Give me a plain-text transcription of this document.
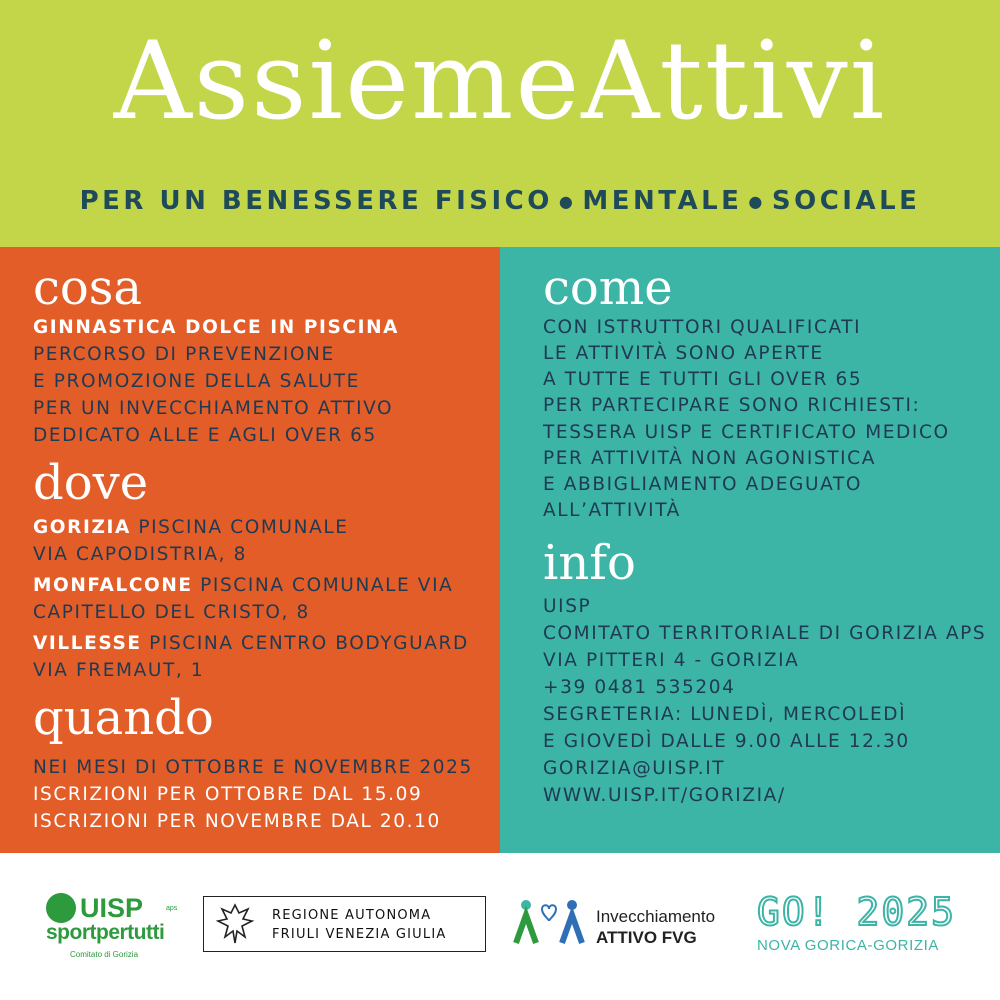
AssiemeAttivi
PER UN BENESSERE FISICO ● MENTALE ● SOCIALE
cosa
GINNASTICA DOLCE IN PISCINA
PERCORSO DI PREVENZIONE
E PROMOZIONE DELLA SALUTE
PER UN INVECCHIAMENTO ATTIVO
DEDICATO ALLE E AGLI OVER 65
dove
GORIZIA PISCINA COMUNALE
VIA CAPODISTRIA, 8
MONFALCONE PISCINA COMUNALE VIA
CAPITELLO DEL CRISTO, 8
VILLESSE PISCINA CENTRO BODYGUARD
VIA FREMAUT, 1
quando
NEI MESI DI OTTOBRE E NOVEMBRE 2025
ISCRIZIONI PER OTTOBRE DAL 15.09
ISCRIZIONI PER NOVEMBRE DAL 20.10
come
CON ISTRUTTORI QUALIFICATI
LE ATTIVITÀ SONO APERTE
A TUTTE E TUTTI GLI OVER 65
PER PARTECIPARE SONO RICHIESTI:
TESSERA UISP E CERTIFICATO MEDICO
PER ATTIVITÀ NON AGONISTICA
E ABBIGLIAMENTO ADEGUATO
ALL’ATTIVITÀ
info
UISP
COMITATO TERRITORIALE DI GORIZIA APS
VIA PITTERI 4 - GORIZIA
+39 0481 535204
SEGRETERIA: LUNEDÌ, MERCOLEDÌ
E GIOVEDÌ DALLE 9.00 ALLE 12.30
GORIZIA@UISP.IT
WWW.UISP.IT/GORIZIA/
UISP	aps
sportpertutti
Comitato di Gorizia
REGIONE AUTONOMA
FRIULI VENEZIA GIULIA
Invecchiamento
ATTIVO FVG
GO! 2025
NOVA GORICA-GORIZIA
